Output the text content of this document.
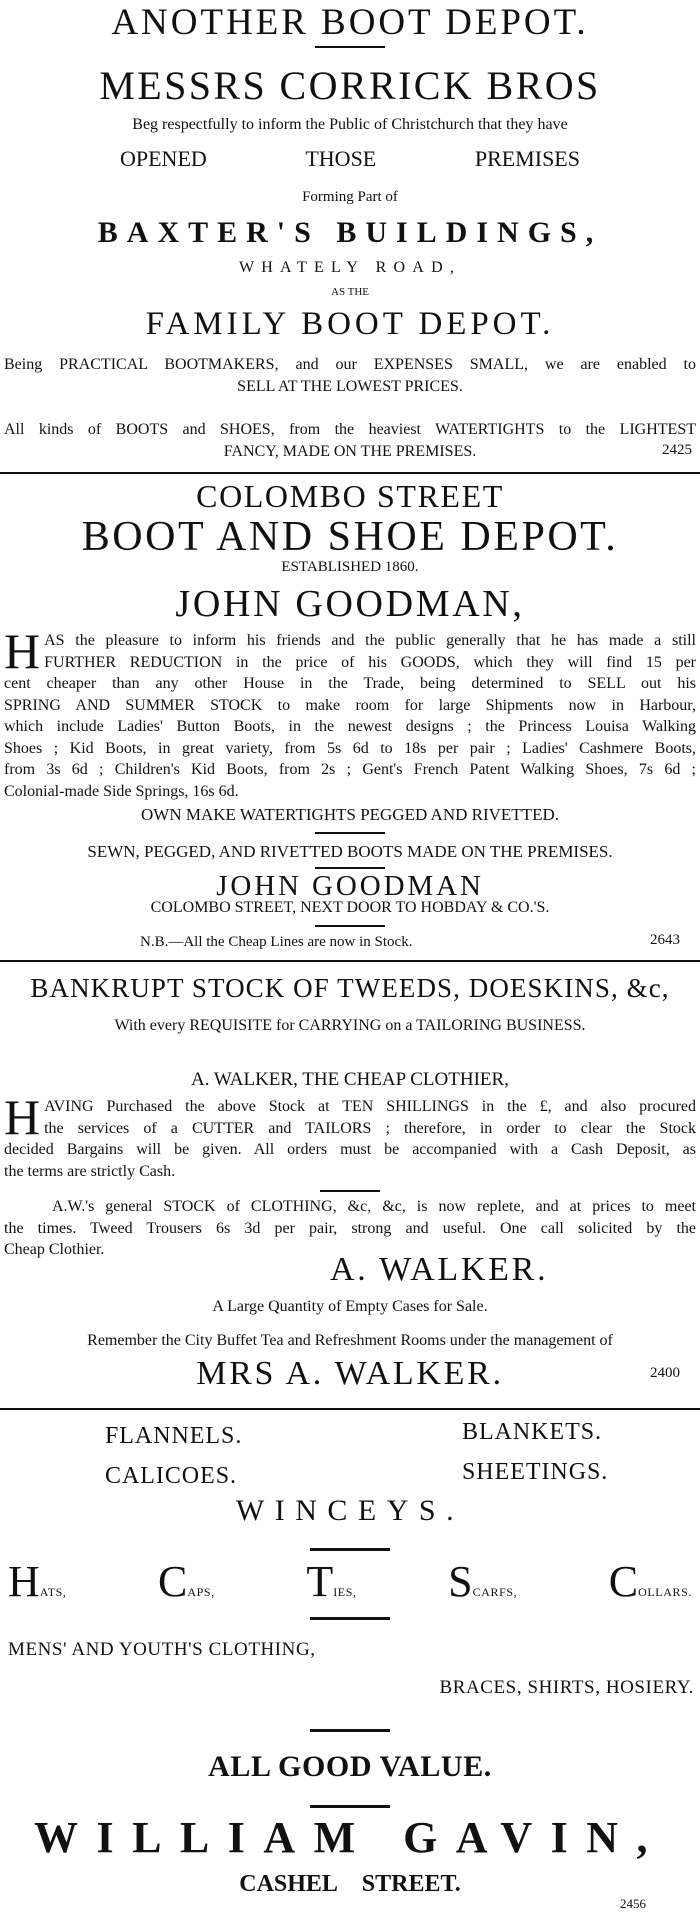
ANOTHER BOOT DEPOT.
MESSRS CORRICK BROS
Beg respectfully to inform the Public of Christchurch that they have
OPENED	THOSE	PREMISES
Forming Part of
BAXTER'S BUILDINGS,
WHATELY ROAD,
AS THE
FAMILY BOOT DEPOT.
Being PRACTICAL BOOTMAKERS, and our EXPENSES SMALL, we are enabled to
SELL AT THE LOWEST PRICES.
All kinds of BOOTS and SHOES, from the heaviest WATERTIGHTS to the LIGHTEST
FANCY, MADE ON THE PREMISES.	2425
COLOMBO STREET
BOOT AND SHOE DEPOT.
ESTABLISHED 1860.
JOHN GOODMAN,
H AS the pleasure to inform his friends and the public generally that he has made a still
FURTHER REDUCTION in the price of his GOODS, which they will find 15 per
cent cheaper than any other House in the Trade, being determined to SELL out his
SPRING AND SUMMER STOCK to make room for large Shipments now in Harbour,
which include Ladies' Button Boots, in the newest designs ; the Princess Louisa Walking
Shoes ; Kid Boots, in great variety, from 5s 6d to 18s per pair ; Ladies' Cashmere Boots,
from 3s 6d ; Children's Kid Boots, from 2s ; Gent's French Patent Walking Shoes, 7s 6d ;
Colonial-made Side Springs, 16s 6d.
OWN MAKE WATERTIGHTS PEGGED AND RIVETTED.
SEWN, PEGGED, AND RIVETTED BOOTS MADE ON THE PREMISES.
JOHN GOODMAN
COLOMBO STREET, NEXT DOOR TO HOBDAY & CO.'S.
N.B.—All the Cheap Lines are now in Stock.	2643
BANKRUPT STOCK OF TWEEDS, DOESKINS, &c,
With every REQUISITE for CARRYING on a TAILORING BUSINESS.
A. WALKER, THE CHEAP CLOTHIER,
H AVING Purchased the above Stock at TEN SHILLINGS in the £, and also procured
the services of a CUTTER and TAILORS ; therefore, in order to clear the Stock
decided Bargains will be given. All orders must be accompanied with a Cash Deposit, as
the terms are strictly Cash.
A.W.'s general STOCK of CLOTHING, &c, &c, is now replete, and at prices to meet
the times. Tweed Trousers 6s 3d per pair, strong and useful. One call solicited by the
Cheap Clothier.
A. WALKER.
A Large Quantity of Empty Cases for Sale.
Remember the City Buffet Tea and Refreshment Rooms under the management of
MRS A. WALKER.	2400
FLANNELS.	BLANKETS.
CALICOES.	SHEETINGS.
WINCEYS.
HATS, CAPS, TIES, SCARFS, COLLARS.
MENS' AND YOUTH'S CLOTHING,
BRACES, SHIRTS, HOSIERY.
ALL GOOD VALUE.
WILLIAM GAVIN,
CASHEL STREET.
2456
